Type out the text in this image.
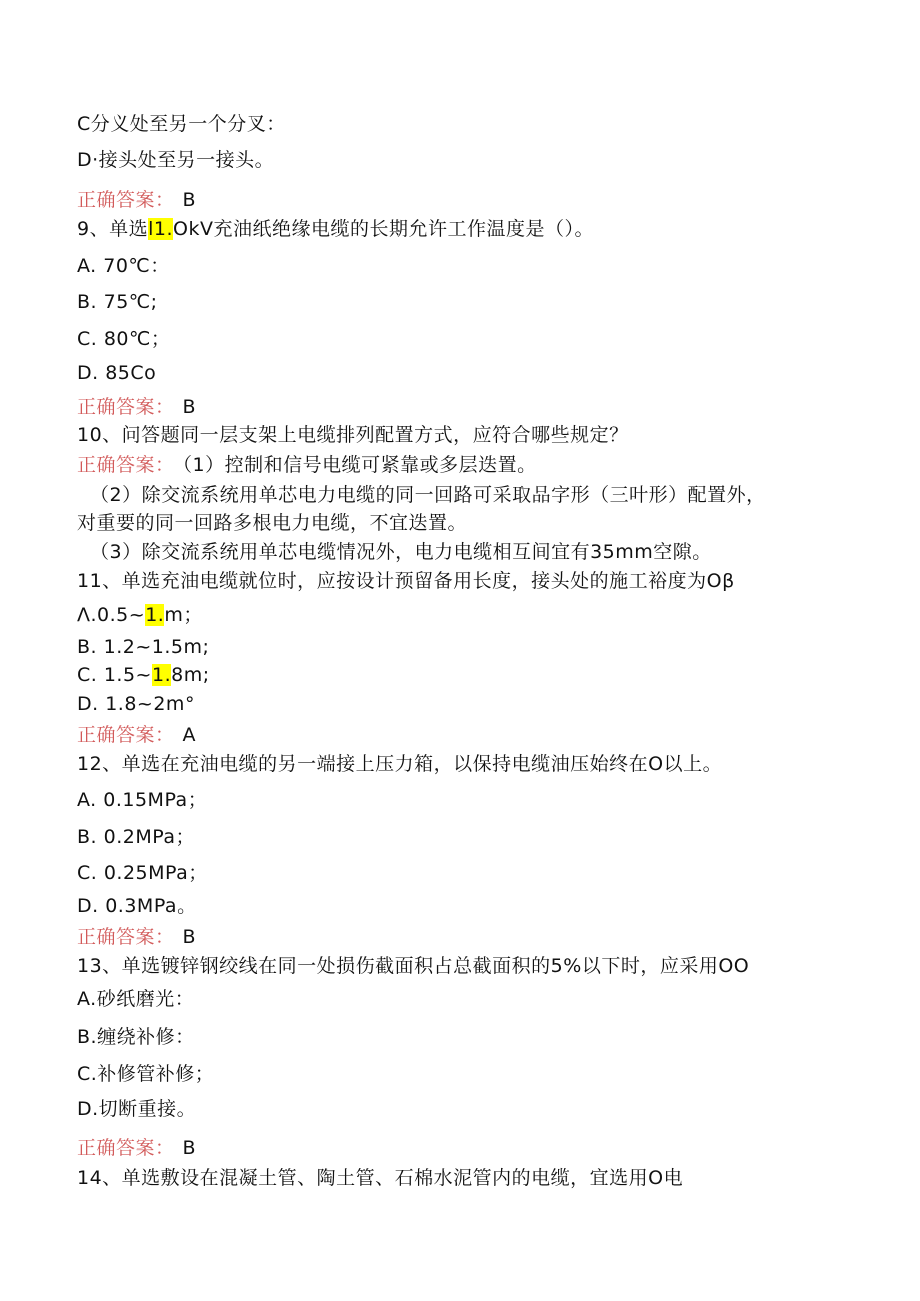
C分义处至另一个分叉：
D·接头处至另一接头。
正确答案： B
9、单选l1.OkV充油纸绝缘电缆的长期允许工作温度是（）。
A. 70℃：
B. 75℃;
C. 80℃；
D. 85Co
正确答案： B
10、问答题同一层支架上电缆排列配置方式，应符合哪些规定？
正确答案： （1）控制和信号电缆可紧靠或多层迭置。
（2）除交流系统用单芯电力电缆的同一回路可采取品字形（三叶形）配置外，
对重要的同一回路多根电力电缆，不宜迭置。
（3）除交流系统用单芯电缆情况外，电力电缆相互间宜有35mm空隙。
11、单选充油电缆就位时，应按设计预留备用长度，接头处的施工裕度为Oβ
Λ.0.5~1.m；
B. 1.2~1.5m;
C. 1.5~1.8m;
D. 1.8~2m°
正确答案： A
12、单选在充油电缆的另一端接上压力箱，以保持电缆油压始终在O以上。
A. 0.15MPa；
B. 0.2MPa；
C. 0.25MPa；
D. 0.3MPa。
正确答案： B
13、单选镀锌钢绞线在同一处损伤截面积占总截面积的5%以下时，应采用OO
A.砂纸磨光：
B.缠绕补修：
C.补修管补修；
D.切断重接。
正确答案： B
14、单选敷设在混凝土管、陶土管、石棉水泥管内的电缆，宜选用O电
